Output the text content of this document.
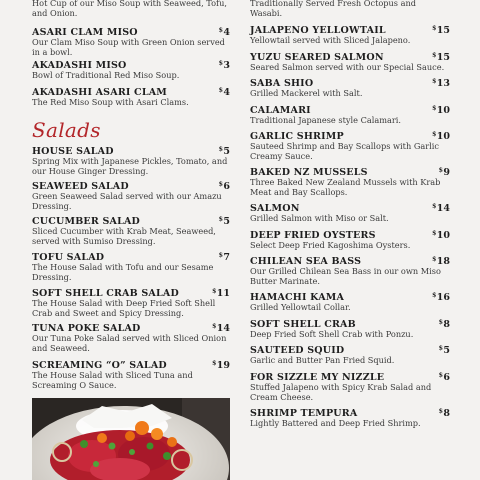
Hot Cup of our Miso Soup with Seaweed, Tofu, and Onion.
ASARI CLAM MISO	$4
Our Clam Miso Soup with Green Onion served in a bowl.
AKADASHI MISO	$3
Bowl of Traditional Red Miso Soup.
AKADASHI ASARI CLAM	$4
The Red Miso Soup with Asari Clams.
Salads
HOUSE SALAD	$5
Spring Mix with Japanese Pickles, Tomato, and our House Ginger Dressing.
SEAWEED SALAD	$6
Green Seaweed Salad served with our Amazu Dressing.
CUCUMBER SALAD	$5
Sliced Cucumber with Krab Meat, Seaweed, served with Sumiso Dressing.
TOFU SALAD	$7
The House Salad with Tofu and our Sesame Dressing.
SOFT SHELL CRAB SALAD	$11
The House Salad with Deep Fried Soft Shell Crab and Sweet and Spicy Dressing.
TUNA POKE SALAD	$14
Our Tuna Poke Salad served with Sliced Onion and Seaweed.
SCREAMING “O” SALAD	$19
The House Salad with Sliced Tuna and Screaming O Sauce.
Traditionally Served Fresh Octopus and Wasabi.
JALAPENO YELLOWTAIL	$15
Yellowtail served with Sliced Jalapeno.
YUZU SEARED SALMON	$15
Seared Salmon served with our Special Sauce.
SABA SHIO	$13
Grilled Mackerel with Salt.
CALAMARI	$10
Traditional Japanese style Calamari.
GARLIC SHRIMP	$10
Sauteed Shrimp and Bay Scallops with Garlic Creamy Sauce.
BAKED NZ MUSSELS	$9
Three Baked New Zealand Mussels with Krab Meat and Bay Scallops.
SALMON	$14
Grilled Salmon with Miso or Salt.
DEEP FRIED OYSTERS	$10
Select Deep Fried Kagoshima Oysters.
CHILEAN SEA BASS	$18
Our Grilled Chilean Sea Bass in our own Miso Butter Marinate.
HAMACHI KAMA	$16
Grilled Yellowtail Collar.
SOFT SHELL CRAB	$8
Deep Fried Soft Shell Crab with Ponzu.
SAUTEED SQUID	$5
Garlic and Butter Pan Fried Squid.
FOR SIZZLE MY NIZZLE	$6
Stuffed Jalapeno with Spicy Krab Salad and Cream Cheese.
SHRIMP TEMPURA	$8
Lightly Battered and Deep Fried Shrimp.
